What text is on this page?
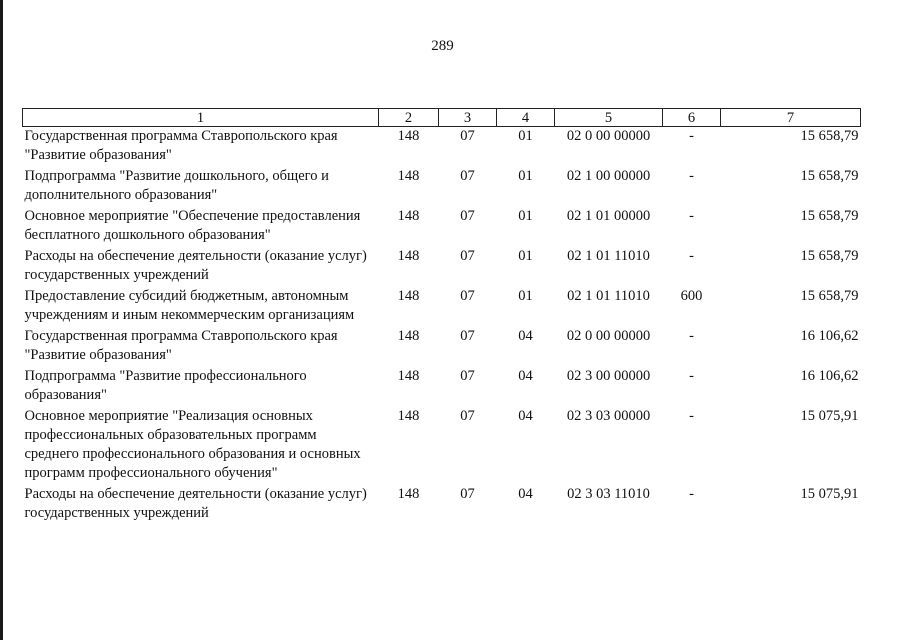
289
1	2	3	4	5	6	7
Государственная программа Ставропольского края "Развитие образования"	148	07	01	02 0 00 00000	-	15 658,79
Подпрограмма "Развитие дошкольного, общего и дополнительного образования"	148	07	01	02 1 00 00000	-	15 658,79
Основное мероприятие "Обеспечение предоставления бесплатного дошкольного образования"	148	07	01	02 1 01 00000	-	15 658,79
Расходы на обеспечение деятельности (оказание услуг) государственных учреждений	148	07	01	02 1 01 11010	-	15 658,79
Предоставление субсидий бюджетным, автономным учреждениям и иным некоммерческим организациям	148	07	01	02 1 01 11010	600	15 658,79
Государственная программа Ставропольского края "Развитие образования"	148	07	04	02 0 00 00000	-	16 106,62
Подпрограмма "Развитие профессионального образования"	148	07	04	02 3 00 00000	-	16 106,62
Основное мероприятие "Реализация основных профессиональных образовательных программ среднего профессионального образования и основных программ профессионального обучения"	148	07	04	02 3 03 00000	-	15 075,91
Расходы на обеспечение деятельности (оказание услуг) государственных учреждений	148	07	04	02 3 03 11010	-	15 075,91
